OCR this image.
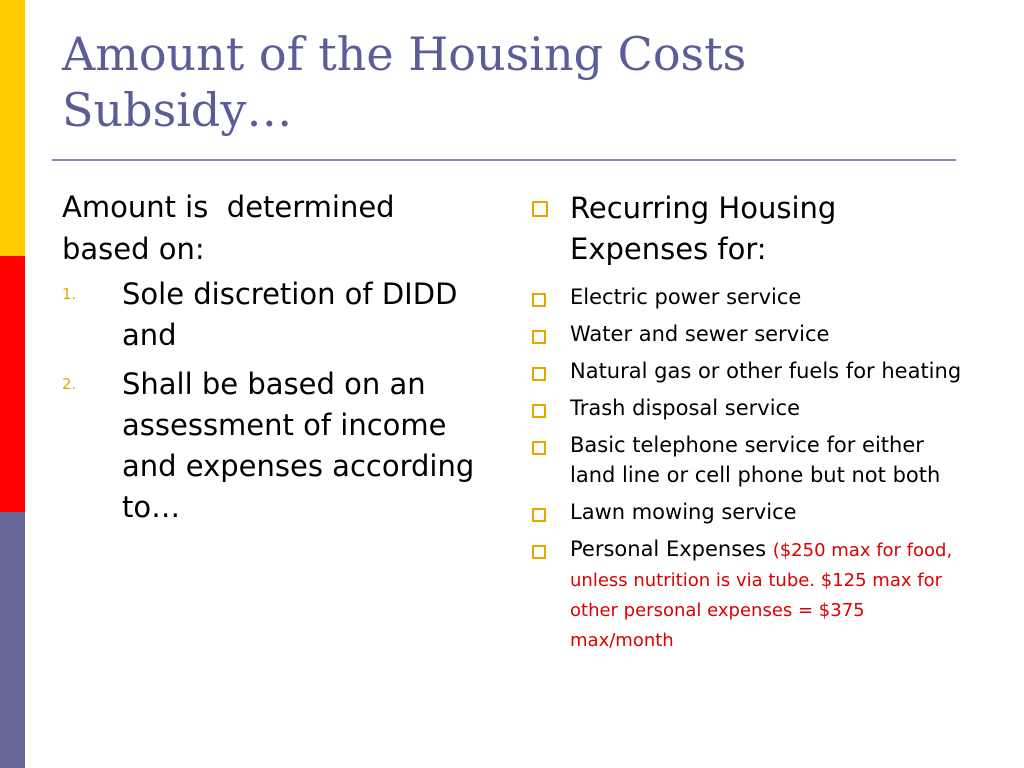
Amount of the Housing Costs Subsidy…

Amount is  determined

based on:

1. Sole discretion of DIDD and
2. Shall be based on an assessment of income and expenses according to…
Recurring Housing Expenses for:
Electric power service
Water and sewer service
Natural gas or other fuels for heating
Trash disposal service
Basic telephone service for either land line or cell phone but not both
Lawn mowing service
Personal Expenses ($250 max for food, unless nutrition is via tube. $125 max for other personal expenses = $375 max/month
